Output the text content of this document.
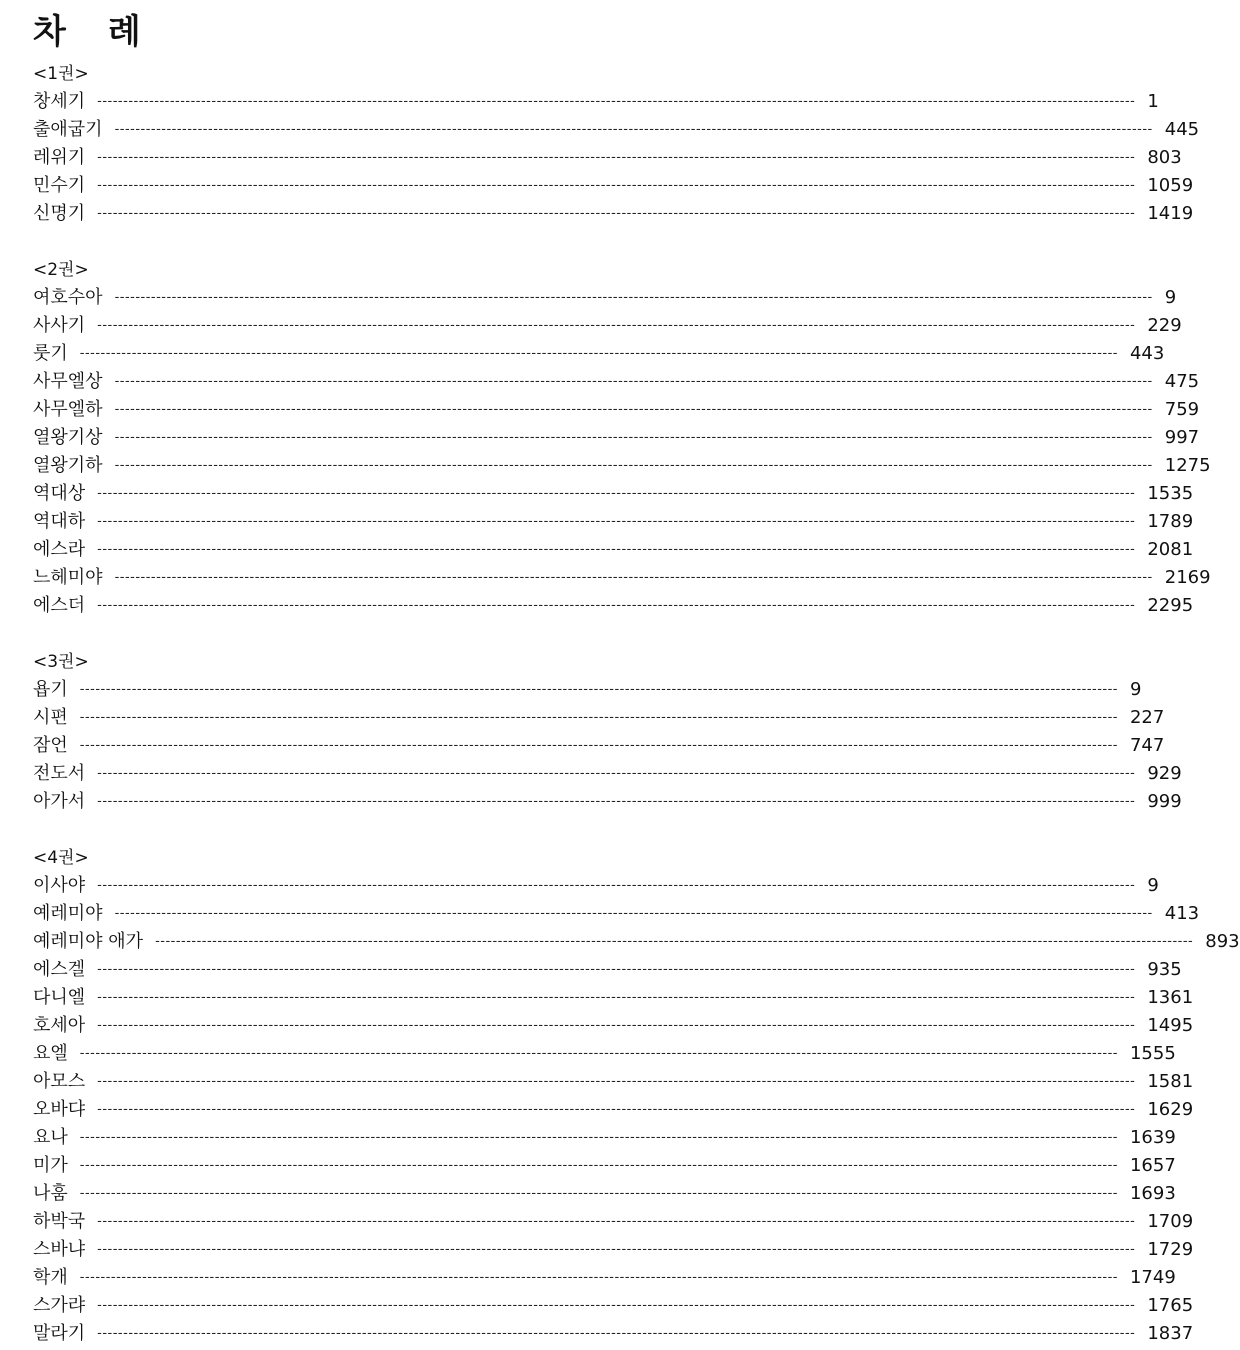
차 례
<1권>
창세기 -------------------------------------------------------------------------------------------------------------------------------------------------------------------------------------------------------- 1
출애굽기 -------------------------------------------------------------------------------------------------------------------------------------------------------------------------------------------------------- 445
레위기 -------------------------------------------------------------------------------------------------------------------------------------------------------------------------------------------------------- 803
민수기 -------------------------------------------------------------------------------------------------------------------------------------------------------------------------------------------------------- 1059
신명기 -------------------------------------------------------------------------------------------------------------------------------------------------------------------------------------------------------- 1419
<2권>
여호수아 -------------------------------------------------------------------------------------------------------------------------------------------------------------------------------------------------------- 9
사사기 -------------------------------------------------------------------------------------------------------------------------------------------------------------------------------------------------------- 229
룻기 -------------------------------------------------------------------------------------------------------------------------------------------------------------------------------------------------------- 443
사무엘상 -------------------------------------------------------------------------------------------------------------------------------------------------------------------------------------------------------- 475
사무엘하 -------------------------------------------------------------------------------------------------------------------------------------------------------------------------------------------------------- 759
열왕기상 -------------------------------------------------------------------------------------------------------------------------------------------------------------------------------------------------------- 997
열왕기하 -------------------------------------------------------------------------------------------------------------------------------------------------------------------------------------------------------- 1275
역대상 -------------------------------------------------------------------------------------------------------------------------------------------------------------------------------------------------------- 1535
역대하 -------------------------------------------------------------------------------------------------------------------------------------------------------------------------------------------------------- 1789
에스라 -------------------------------------------------------------------------------------------------------------------------------------------------------------------------------------------------------- 2081
느헤미야 -------------------------------------------------------------------------------------------------------------------------------------------------------------------------------------------------------- 2169
에스더 -------------------------------------------------------------------------------------------------------------------------------------------------------------------------------------------------------- 2295
<3권>
욥기 -------------------------------------------------------------------------------------------------------------------------------------------------------------------------------------------------------- 9
시편 -------------------------------------------------------------------------------------------------------------------------------------------------------------------------------------------------------- 227
잠언 -------------------------------------------------------------------------------------------------------------------------------------------------------------------------------------------------------- 747
전도서 -------------------------------------------------------------------------------------------------------------------------------------------------------------------------------------------------------- 929
아가서 -------------------------------------------------------------------------------------------------------------------------------------------------------------------------------------------------------- 999
<4권>
이사야 -------------------------------------------------------------------------------------------------------------------------------------------------------------------------------------------------------- 9
예레미야 -------------------------------------------------------------------------------------------------------------------------------------------------------------------------------------------------------- 413
예레미야 애가 -------------------------------------------------------------------------------------------------------------------------------------------------------------------------------------------------------- 893
에스겔 -------------------------------------------------------------------------------------------------------------------------------------------------------------------------------------------------------- 935
다니엘 -------------------------------------------------------------------------------------------------------------------------------------------------------------------------------------------------------- 1361
호세아 -------------------------------------------------------------------------------------------------------------------------------------------------------------------------------------------------------- 1495
요엘 -------------------------------------------------------------------------------------------------------------------------------------------------------------------------------------------------------- 1555
아모스 -------------------------------------------------------------------------------------------------------------------------------------------------------------------------------------------------------- 1581
오바댜 -------------------------------------------------------------------------------------------------------------------------------------------------------------------------------------------------------- 1629
요나 -------------------------------------------------------------------------------------------------------------------------------------------------------------------------------------------------------- 1639
미가 -------------------------------------------------------------------------------------------------------------------------------------------------------------------------------------------------------- 1657
나훔 -------------------------------------------------------------------------------------------------------------------------------------------------------------------------------------------------------- 1693
하박국 -------------------------------------------------------------------------------------------------------------------------------------------------------------------------------------------------------- 1709
스바냐 -------------------------------------------------------------------------------------------------------------------------------------------------------------------------------------------------------- 1729
학개 -------------------------------------------------------------------------------------------------------------------------------------------------------------------------------------------------------- 1749
스가랴 -------------------------------------------------------------------------------------------------------------------------------------------------------------------------------------------------------- 1765
말라기 -------------------------------------------------------------------------------------------------------------------------------------------------------------------------------------------------------- 1837
